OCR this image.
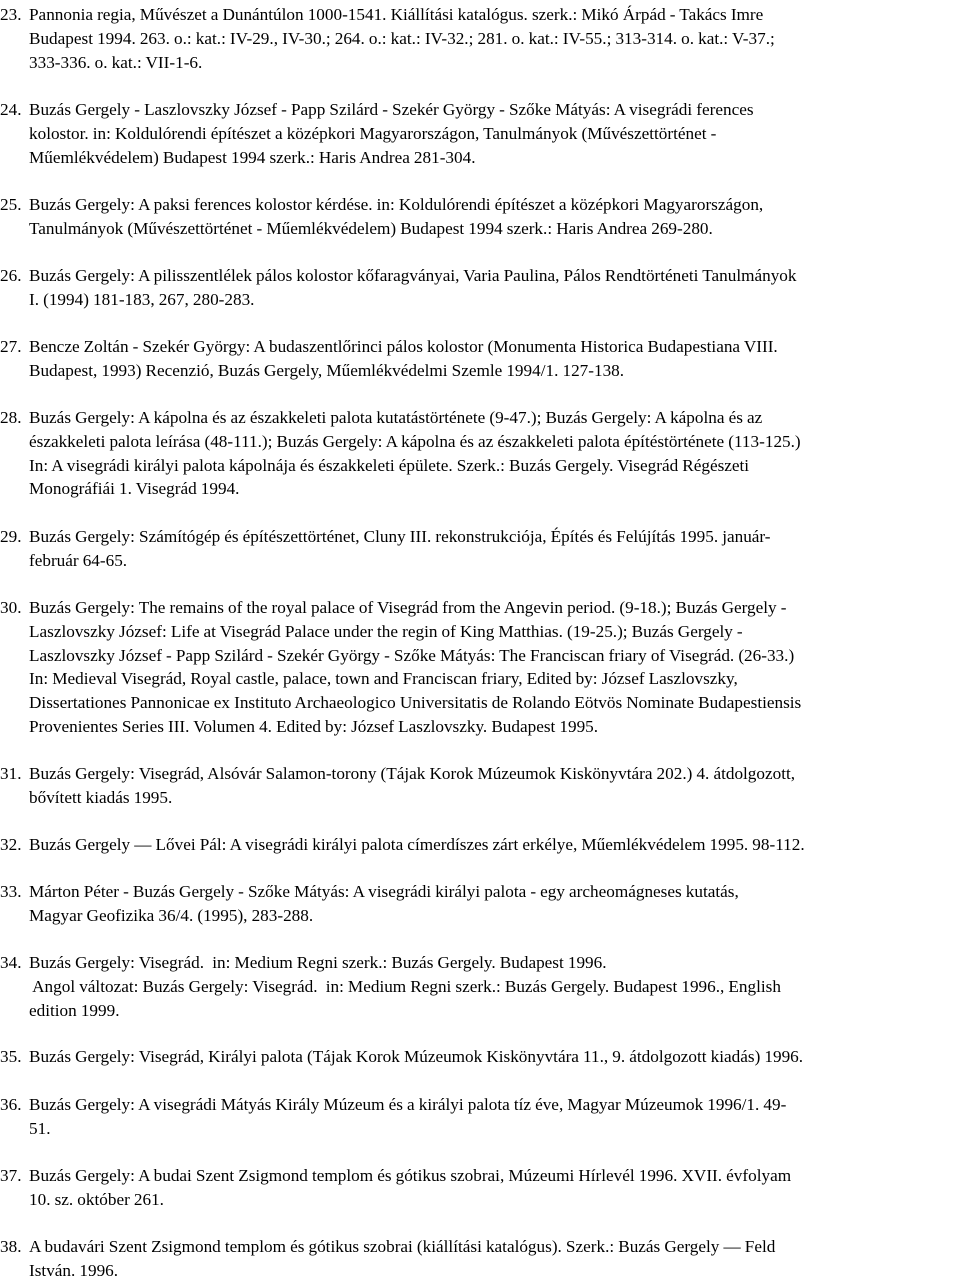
23. Pannonia regia, Művészet a Dunántúlon 1000-1541. Kiállítási katalógus. szerk.: Mikó Árpád - Takács Imre
Budapest 1994. 263. o.: kat.: IV-29., IV-30.; 264. o.: kat.: IV-32.; 281. o. kat.: IV-55.; 313-314. o. kat.: V-37.;
333-336. o. kat.: VII-1-6.
24. Buzás Gergely - Laszlovszky József - Papp Szilárd - Szekér György - Szőke Mátyás: A visegrádi ferences
kolostor. in: Koldulórendi építészet a középkori Magyarországon, Tanulmányok (Művészettörténet -
Műemlékvédelem) Budapest 1994 szerk.: Haris Andrea 281-304.
25. Buzás Gergely: A paksi ferences kolostor kérdése. in: Koldulórendi építészet a középkori Magyarországon,
Tanulmányok (Művészettörténet - Műemlékvédelem) Budapest 1994 szerk.: Haris Andrea 269-280.
26. Buzás Gergely: A pilisszentlélek pálos kolostor kőfaragványai, Varia Paulina, Pálos Rendtörténeti Tanulmányok
I. (1994) 181-183, 267, 280-283.
27. Bencze Zoltán - Szekér György: A budaszentlőrinci pálos kolostor (Monumenta Historica Budapestiana VIII.
Budapest, 1993) Recenzió, Buzás Gergely, Műemlékvédelmi Szemle 1994/1. 127-138.
28. Buzás Gergely: A kápolna és az északkeleti palota kutatástörténete (9-47.); Buzás Gergely: A kápolna és az
északkeleti palota leírása (48-111.); Buzás Gergely: A kápolna és az északkeleti palota építéstörténete (113-125.)
In: A visegrádi királyi palota kápolnája és északkeleti épülete. Szerk.: Buzás Gergely. Visegrád Régészeti
Monográfiái 1. Visegrád 1994.
29. Buzás Gergely: Számítógép és építészettörténet, Cluny III. rekonstrukciója, Építés és Felújítás 1995. január-
február 64-65.
30. Buzás Gergely: The remains of the royal palace of Visegrád from the Angevin period. (9-18.); Buzás Gergely -
Laszlovszky József: Life at Visegrád Palace under the regin of King Matthias. (19-25.); Buzás Gergely -
Laszlovszky József - Papp Szilárd - Szekér György - Szőke Mátyás: The Franciscan friary of Visegrád. (26-33.)
In: Medieval Visegrád, Royal castle, palace, town and Franciscan friary, Edited by: József Laszlovszky,
Dissertationes Pannonicae ex Instituto Archaeologico Universitatis de Rolando Eötvös Nominate Budapestiensis
Provenientes Series III. Volumen 4. Edited by: József Laszlovszky. Budapest 1995.
31. Buzás Gergely: Visegrád, Alsóvár Salamon-torony (Tájak Korok Múzeumok Kiskönyvtára 202.) 4. átdolgozott,
bővített kiadás 1995.
32. Buzás Gergely — Lővei Pál: A visegrádi királyi palota címerdíszes zárt erkélye, Műemlékvédelem 1995. 98-112.
33. Márton Péter - Buzás Gergely - Szőke Mátyás: A visegrádi királyi palota - egy archeomágneses kutatás,
Magyar Geofizika 36/4. (1995), 283-288.
34. Buzás Gergely: Visegrád.  in: Medium Regni szerk.: Buzás Gergely. Budapest 1996.
Angol változat: Buzás Gergely: Visegrád.  in: Medium Regni szerk.: Buzás Gergely. Budapest 1996., English
edition 1999.
35. Buzás Gergely: Visegrád, Királyi palota (Tájak Korok Múzeumok Kiskönyvtára 11., 9. átdolgozott kiadás) 1996.
36. Buzás Gergely: A visegrádi Mátyás Király Múzeum és a királyi palota tíz éve, Magyar Múzeumok 1996/1. 49-
51.
37. Buzás Gergely: A budai Szent Zsigmond templom és gótikus szobrai, Múzeumi Hírlevél 1996. XVII. évfolyam
10. sz. október 261.
38. A budavári Szent Zsigmond templom és gótikus szobrai (kiállítási katalógus). Szerk.: Buzás Gergely — Feld
István. 1996.
